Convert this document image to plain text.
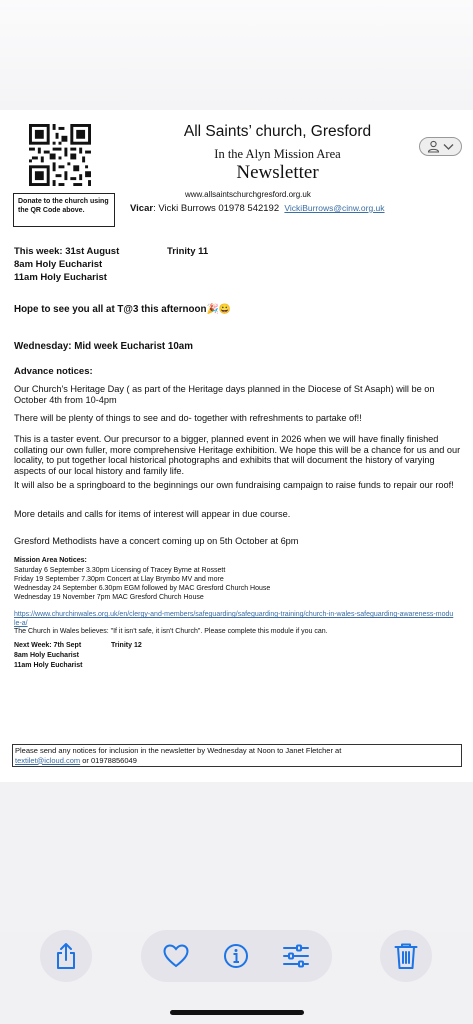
Donate to the church using the QR Code above.
All Saints’ church, Gresford
In the Alyn Mission Area
Newsletter
www.allsaintschurchgresford.org.uk
Vicar: Vicki Burrows 01978 542192 VickiBurrows@cinw.org.uk
This week: 31st August	Trinity 11
8am Holy Eucharist
11am Holy Eucharist
Hope to see you all at T@3 this afternoon🎉😀
Wednesday: Mid week Eucharist 10am
Advance notices:
Our Church's Heritage Day ( as part of the Heritage days planned in the Diocese of St Asaph) will be on October 4th from 10-4pm
There will be plenty of things to see and do- together with refreshments to partake of!!
This is a taster event. Our precursor to a bigger, planned event in 2026 when we will have finally finished collating our own fuller, more comprehensive Heritage exhibition. We hope this will be a chance for us and our locality, to put together local historical photographs and exhibits that will document the history of varying aspects of our local history and family life.
It will also be a springboard to the beginnings our own fundraising campaign to raise funds to repair our roof!
More details and calls for items of interest will appear in due course.
Gresford Methodists have a concert coming up on 5th October at 6pm
Mission Area Notices:
Saturday 6 September 3.30pm Licensing of Tracey Byrne at Rossett
Friday 19 September 7.30pm Concert at Llay Brymbo MV and more
Wednesday 24 September 6.30pm EGM followed by MAC Gresford Church House
Wednesday 19 November 7pm MAC Gresford Church House
https://www.churchinwales.org.uk/en/clergy-and-members/safeguarding/safeguarding-training/church-in-wales-safeguarding-awareness-module-a/
The Church in Wales believes: "If it isn't safe, it isn't Church". Please complete this module if you can.
Next Week: 7th Sept	Trinity 12
8am Holy Eucharist
11am Holy Eucharist
Please send any notices for inclusion in the newsletter by Wednesday at Noon to Janet Fletcher at
textilet@icloud.com or 01978856049
